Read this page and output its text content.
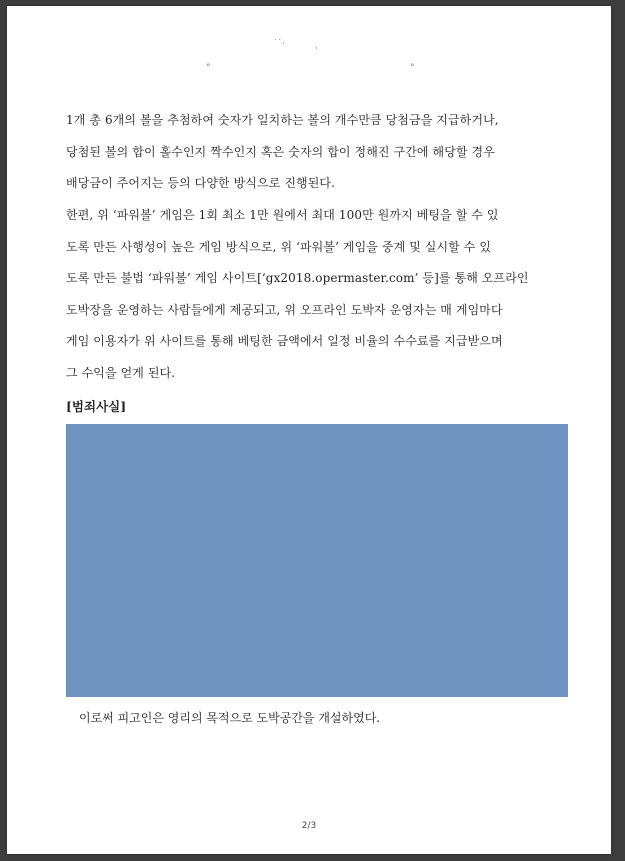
˙˙·	·
°	°

1개 총 6개의 볼을 추첨하여 숫자가 일치하는 볼의 개수만큼 당첨금을 지급하거나,
당첨된 볼의 합이 홀수인지 짝수인지 혹은 숫자의 합이 정해진 구간에 해당할 경우
배당금이 주어지는 등의 다양한 방식으로 진행된다.

한편, 위 ‘파워볼’ 게임은 1회 최소 1만 원에서 최대 100만 원까지 베팅을 할 수 있
도록 만든 사행성이 높은 게임 방식으로, 위 ‘파워볼’ 게임을 중계 및 실시할 수 있
도록 만든 불법 ‘파워볼’ 게임 사이트[‘gx2018.opermaster.com’ 등]를 통해 오프라인
도박장을 운영하는 사람들에게 제공되고, 위 오프라인 도박자 운영자는 매 게임마다
게임 이용자가 위 사이트를 통해 베팅한 금액에서 일정 비율의 수수료를 지급받으며
그 수익을 얻게 된다.

[범죄사실]

이로써 피고인은 영리의 목적으로 도박공간을 개설하였다.

2/3
